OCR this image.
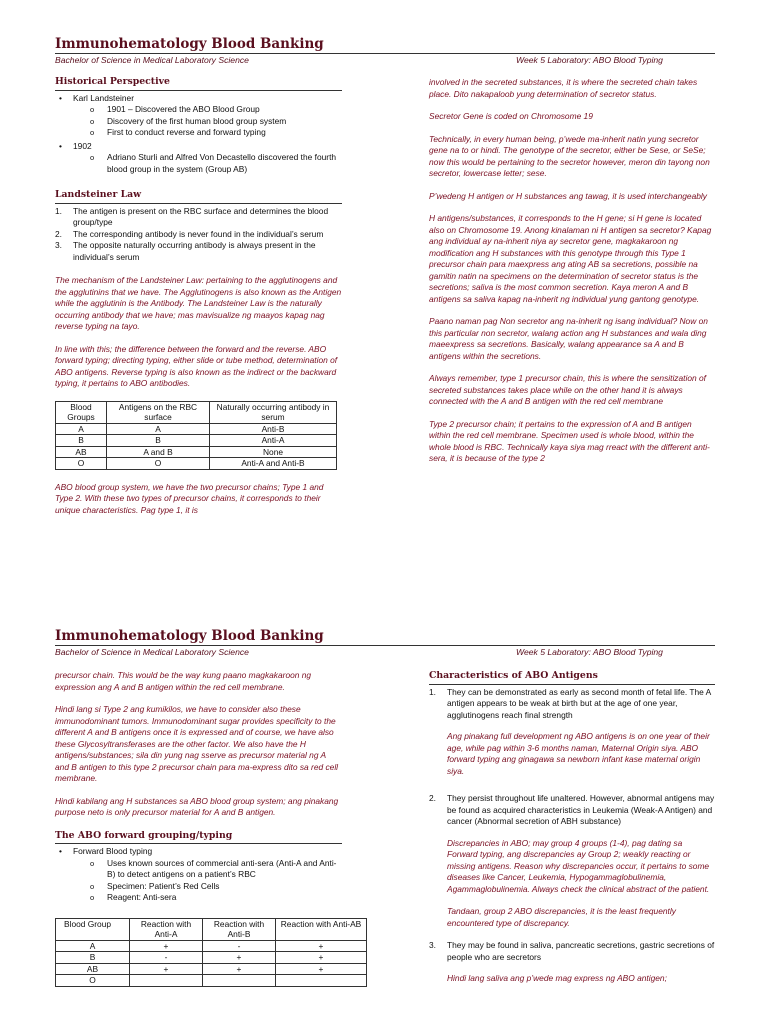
Immunohematology Blood Banking
Bachelor of Science in Medical Laboratory Science	Week 5 Laboratory: ABO Blood Typing
Historical Perspective
• Karl Landsteiner
o 1901 – Discovered the ABO Blood Group
o Discovery of the first human blood group system
o First to conduct reverse and forward typing
• 1902
o Adriano Sturli and Alfred Von Decastello discovered the fourth blood group in the system (Group AB)
Landsteiner Law
1. The antigen is present on the RBC surface and determines the blood group/type
2. The corresponding antibody is never found in the individual’s serum
3. The opposite naturally occurring antibody is always present in the individual’s serum

The mechanism of the Landsteiner Law: pertaining to the agglutinogens and the agglutinins that we have. The Agglutinogens is also known as the Antigen while the agglutinin is the Antibody. The Landsteiner Law is the naturally occurring antibody that we have; mas mavisualize ng maayos kapag nag reverse typing na tayo.

In line with this; the difference between the forward and the reverse. ABO forward typing; directing typing, either slide or tube method, determination of ABO antigens. Reverse typing is also known as the indirect or the backward typing, it pertains to ABO antibodies.

Blood Groups	Antigens on the RBC surface	Naturally occurring antibody in serum
A	A	Anti-B
B	B	Anti-A
AB	A and B	None
O	O	Anti-A and Anti-B

ABO blood group system, we have the two precursor chains; Type 1 and Type 2. With these two types of precursor chains, it corresponds to their unique characteristics. Pag type 1, it is

involved in the secreted substances, it is where the secreted chain takes place. Dito nakapaloob yung determination of secretor status.

Secretor Gene is coded on Chromosome 19

Technically, in every human being, p’wede ma-inherit natin yung secretor gene na to or hindi. The genotype of the secretor, either be Sese, or SeSe; now this would be pertaining to the secretor however, meron din tayong non secretor, lowercase letter; sese.

P’wedeng H antigen or H substances ang tawag, it is used interchangeably

H antigens/substances, it corresponds to the H gene; si H gene is located also on Chromosome 19. Anong kinalaman ni H antigen sa secretor? Kapag ang individual ay na-inherit niya ay secretor gene, magkakaroon ng modification ang H substances with this genotype through this Type 1 precursor chain para maexpress ang ating AB sa secretions, possible na gamitin natin na specimens on the determination of secretor status is the secretions; saliva is the most common secretion. Kaya meron A and B antigens sa saliva kapag na-inherit ng individual yung gantong genotype.

Paano naman pag Non secretor ang na-inherit ng isang individual? Now on this particular non secretor, walang action ang H substances and wala ding maeexpress sa secretions. Basically, walang appearance sa A and B antigens within the secretions.

Always remember, type 1 precursor chain, this is where the sensitization of secreted substances takes place while on the other hand it is always connected with the A and B antigen with the red cell membrane

Type 2 precursor chain; it pertains to the expression of A and B antigen within the red cell membrane. Specimen used is whole blood, within the whole blood is RBC. Technically kaya siya mag rreact with the different anti-sera, it is because of the type 2

Immunohematology Blood Banking
Bachelor of Science in Medical Laboratory Science	Week 5 Laboratory: ABO Blood Typing

precursor chain. This would be the way kung paano magkakaroon ng expression ang A and B antigen within the red cell membrane.

Hindi lang si Type 2 ang kumikilos, we have to consider also these immunodominant tumors. Immunodominant sugar provides specificity to the different A and B antigens once it is expressed and of course, we have also these Glycosyltransferases are the other factor. We also have the H antigens/substances; sila din yung nag sserve as precursor material ng A and B antigen to this type 2 precursor chain para ma-express dito sa red cell membrane.

Hindi kabilang ang H substances sa ABO blood group system; ang pinakang purpose neto is only precursor material for A and B antigen.

The ABO forward grouping/typing
• Forward Blood typing
o Uses known sources of commercial anti-sera (Anti-A and Anti-B) to detect antigens on a patient’s RBC
o Specimen: Patient’s Red Cells
o Reagent: Anti-sera
Blood Group	Reaction with Anti-A	Reaction with Anti-B	Reaction with Anti-AB
A	+	-	+
B	-	+	+
AB	+	+	+
O			
Characteristics of ABO Antigens
1. They can be demonstrated as early as second month of fetal life. The A antigen appears to be weak at birth but at the age of one year, agglutinogens reach final strength

Ang pinakang full development ng ABO antigens is on one year of their age, while pag within 3-6 months naman, Maternal Origin siya. ABO forward typing ang ginagawa sa newborn infant kase maternal origin siya.

2. They persist throughout life unaltered. However, abnormal antigens may be found as acquired characteristics in Leukemia (Weak-A Antigen) and cancer (Abnormal secretion of ABH substance)

Discrepancies in ABO; may group 4 groups (1-4), pag dating sa Forward typing, ang discrepancies ay Group 2; weakly reacting or missing antigens. Reason why discrepancies occur, it pertains to some diseases like Cancer, Leukemia, Hypogammaglobulinemia, Agammaglobulinemia. Always check the clinical abstract of the patient.

Tandaan, group 2 ABO discrepancies, it is the least frequently encountered type of discrepancy.

3. They may be found in saliva, pancreatic secretions, gastric secretions of people who are secretors

Hindi lang saliva ang p’wede mag express ng ABO antigen;
